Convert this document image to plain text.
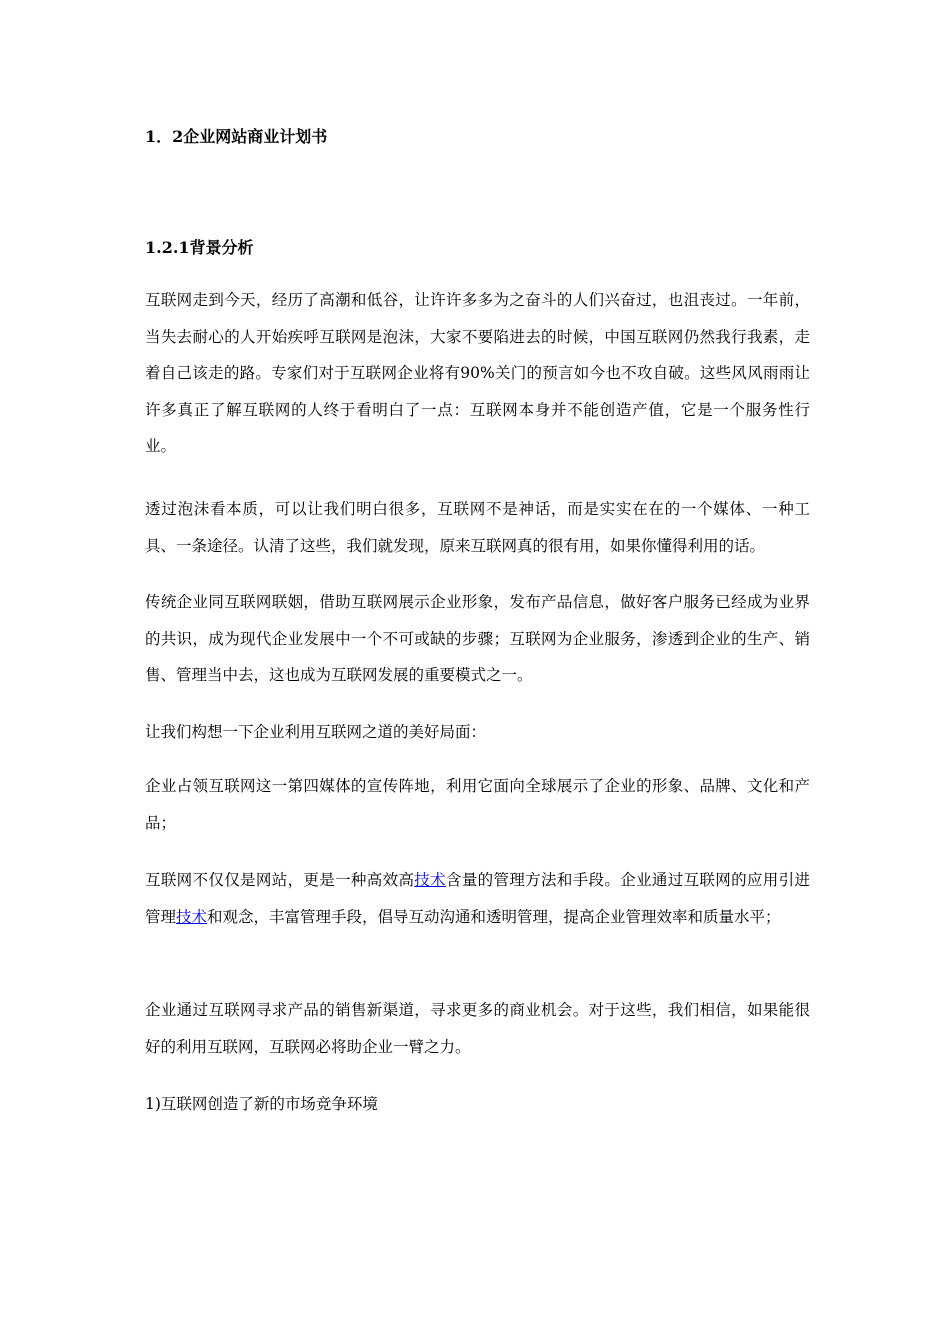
1．2企业网站商业计划书
1.2.1背景分析
互联网走到今天，经历了高潮和低谷，让许许多多为之奋斗的人们兴奋过，也沮丧过。一年前，当失去耐心的人开始疾呼互联网是泡沫，大家不要陷进去的时候，中国互联网仍然我行我素，走着自己该走的路。专家们对于互联网企业将有90%关门的预言如今也不攻自破。这些风风雨雨让许多真正了解互联网的人终于看明白了一点：互联网本身并不能创造产值，它是一个服务性行业。
透过泡沫看本质，可以让我们明白很多，互联网不是神话，而是实实在在的一个媒体、一种工具、一条途径。认清了这些，我们就发现，原来互联网真的很有用，如果你懂得利用的话。
传统企业同互联网联姻，借助互联网展示企业形象，发布产品信息，做好客户服务已经成为业界的共识，成为现代企业发展中一个不可或缺的步骤；互联网为企业服务，渗透到企业的生产、销售、管理当中去，这也成为互联网发展的重要模式之一。
让我们构想一下企业利用互联网之道的美好局面：
企业占领互联网这一第四媒体的宣传阵地，利用它面向全球展示了企业的形象、品牌、文化和产品；
互联网不仅仅是网站，更是一种高效高技术含量的管理方法和手段。企业通过互联网的应用引进管理技术和观念，丰富管理手段，倡导互动沟通和透明管理，提高企业管理效率和质量水平；
企业通过互联网寻求产品的销售新渠道，寻求更多的商业机会。对于这些，我们相信，如果能很好的利用互联网，互联网必将助企业一臂之力。
1)互联网创造了新的市场竞争环境
